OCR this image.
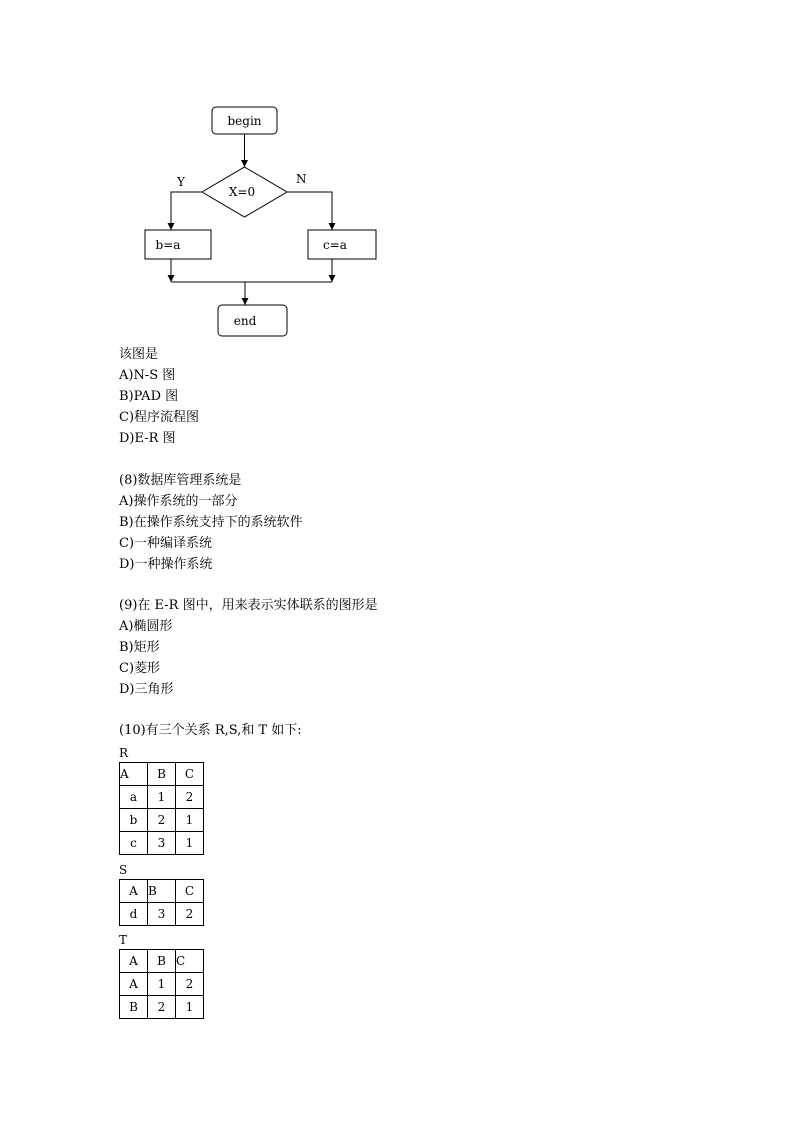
begin
X=0
Y	N
b=a	c=a
end
该图是
A)N-S 图
B)PAD 图
C)程序流程图
D)E-R 图
(8)数据库管理系统是
A)操作系统的一部分
B)在操作系统支持下的系统软件
C)一种编译系统
D)一种操作系统
(9)在 E-R 图中，用来表示实体联系的图形是
A)椭圆形
B)矩形
C)菱形
D)三角形
(10)有三个关系 R,S,和 T 如下:
R
A	B	C
a	1	2
b	2	1
c	3	1
S
A	B	C
d	3	2
T
A	B	C
A	1	2
B	2	1
